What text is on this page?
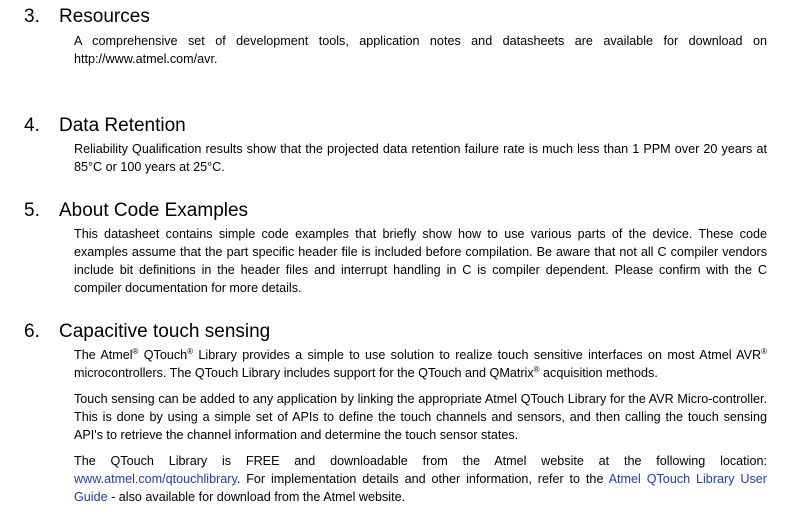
3. Resources
A comprehensive set of development tools, application notes and datasheets are available for download on http://www.atmel.com/avr.
4. Data Retention
Reliability Qualification results show that the projected data retention failure rate is much less than 1 PPM over 20 years at 85°C or 100 years at 25°C.
5. About Code Examples
This datasheet contains simple code examples that briefly show how to use various parts of the device. These code examples assume that the part specific header file is included before compilation. Be aware that not all C compiler vendors include bit definitions in the header files and interrupt handling in C is compiler dependent. Please confirm with the C compiler documentation for more details.
6. Capacitive touch sensing
The Atmel® QTouch® Library provides a simple to use solution to realize touch sensitive interfaces on most Atmel AVR® microcontrollers. The QTouch Library includes support for the QTouch and QMatrix® acquisition methods.
Touch sensing can be added to any application by linking the appropriate Atmel QTouch Library for the AVR Micro-controller. This is done by using a simple set of APIs to define the touch channels and sensors, and then calling the touch sensing API's to retrieve the channel information and determine the touch sensor states.
The QTouch Library is FREE and downloadable from the Atmel website at the following location: www.atmel.com/qtouchlibrary. For implementation details and other information, refer to the Atmel QTouch Library User Guide - also available for download from the Atmel website.
